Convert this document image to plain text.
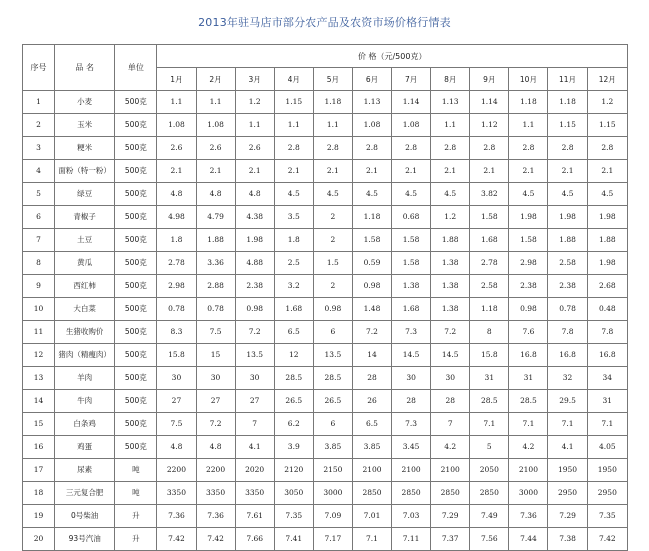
2013年驻马店市部分农产品及农资市场价格行情表
序号	品 名	单位	价 格（元/500克）											
			1月	2月	3月	4月	5月	6月	7月	8月	9月	10月	11月	12月
1	小麦	500克	1.1	1.1	1.2	1.15	1.18	1.13	1.14	1.13	1.14	1.18	1.18	1.2
2	玉米	500克	1.08	1.08	1.1	1.1	1.1	1.08	1.08	1.1	1.12	1.1	1.15	1.15
3	粳米	500克	2.6	2.6	2.6	2.8	2.8	2.8	2.8	2.8	2.8	2.8	2.8	2.8
4	面粉（特一粉）	500克	2.1	2.1	2.1	2.1	2.1	2.1	2.1	2.1	2.1	2.1	2.1	2.1
5	绿豆	500克	4.8	4.8	4.8	4.5	4.5	4.5	4.5	4.5	3.82	4.5	4.5	4.5
6	青椒子	500克	4.98	4.79	4.38	3.5	2	1.18	0.68	1.2	1.58	1.98	1.98	1.98
7	土豆	500克	1.8	1.88	1.98	1.8	2	1.58	1.58	1.88	1.68	1.58	1.88	1.88
8	黄瓜	500克	2.78	3.36	4.88	2.5	1.5	0.59	1.58	1.38	2.78	2.98	2.58	1.98
9	西红柿	500克	2.98	2.88	2.38	3.2	2	0.98	1.38	1.38	2.58	2.38	2.38	2.68
10	大白菜	500克	0.78	0.78	0.98	1.68	0.98	1.48	1.68	1.38	1.18	0.98	0.78	0.48
11	生猪收购价	500克	8.3	7.5	7.2	6.5	6	7.2	7.3	7.2	8	7.6	7.8	7.8
12	猪肉（精瘦肉）	500克	15.8	15	13.5	12	13.5	14	14.5	14.5	15.8	16.8	16.8	16.8
13	羊肉	500克	30	30	30	28.5	28.5	28	30	30	31	31	32	34
14	牛肉	500克	27	27	27	26.5	26.5	26	28	28	28.5	28.5	29.5	31
15	白条鸡	500克	7.5	7.2	7	6.2	6	6.5	7.3	7	7.1	7.1	7.1	7.1
16	鸡蛋	500克	4.8	4.8	4.1	3.9	3.85	3.85	3.45	4.2	5	4.2	4.1	4.05
17	尿素	吨	2200	2200	2020	2120	2150	2100	2100	2100	2050	2100	1950	1950
18	三元复合肥	吨	3350	3350	3350	3050	3000	2850	2850	2850	2850	3000	2950	2950
19	0号柴油	升	7.36	7.36	7.61	7.35	7.09	7.01	7.03	7.29	7.49	7.36	7.29	7.35
20	93号汽油	升	7.42	7.42	7.66	7.41	7.17	7.1	7.11	7.37	7.56	7.44	7.38	7.42
